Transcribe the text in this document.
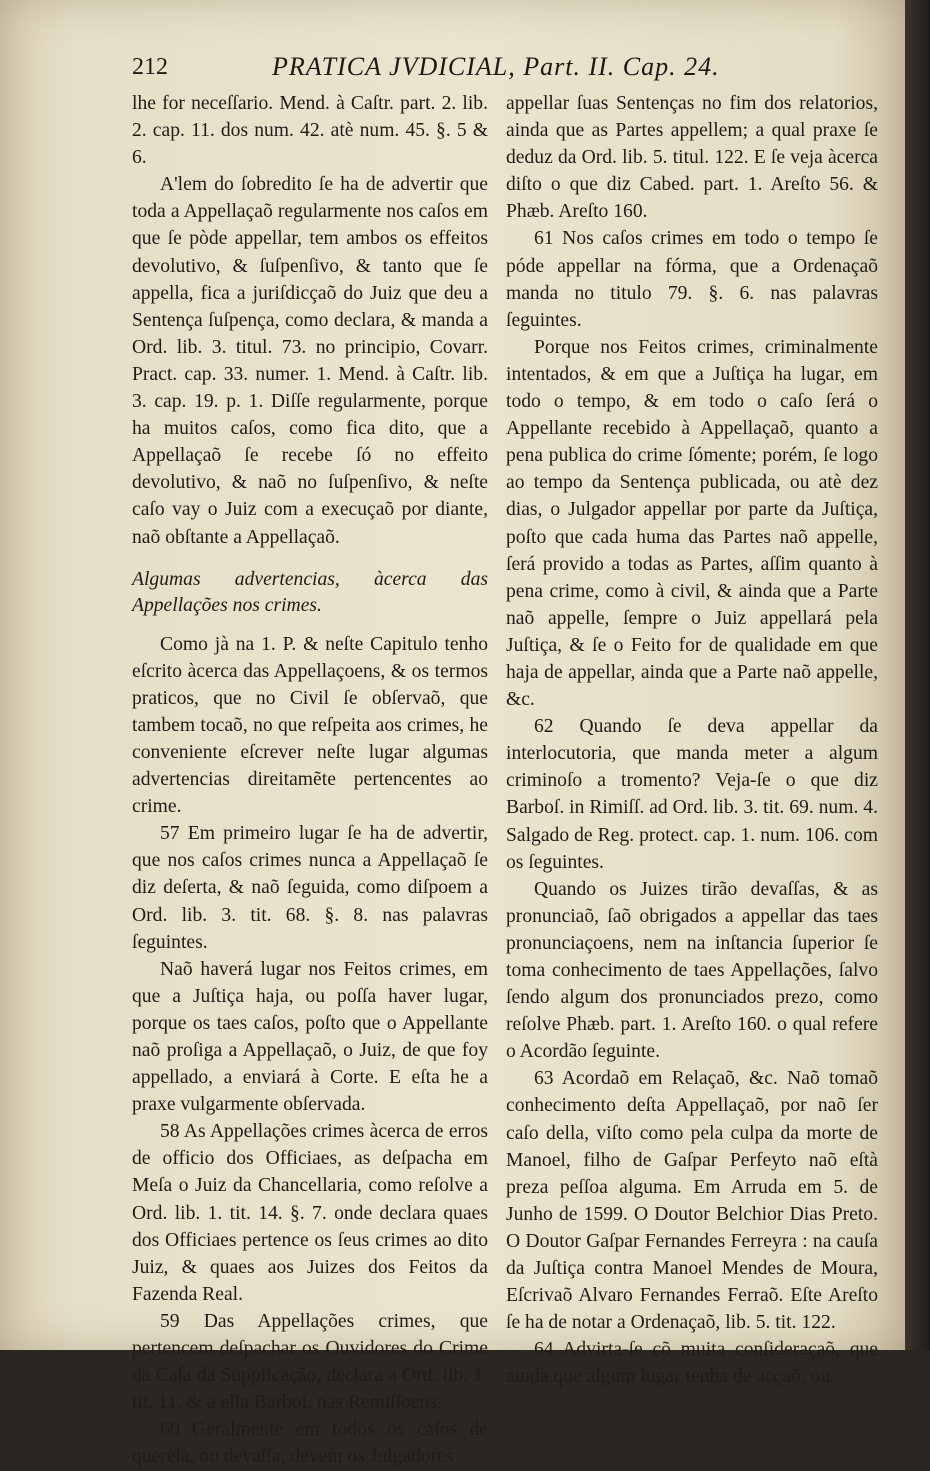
212	PRATICA JVDICIAL, Part. II. Cap. 24.

lhe for neceſſario. Mend. à Caſtr. part. 2. lib. 2. cap. 11. dos num. 42. atè num. 45. §. 5 & 6.

A'lem do ſobredito ſe ha de advertir que toda a Appellaçaõ regularmente nos caſos em que ſe pòde appellar, tem ambos os effeitos devolutivo, & ſuſpenſivo, & tanto que ſe appella, fica a juriſdicçaõ do Juiz que deu a Sentença ſuſpença, como declara, & manda a Ord. lib. 3. titul. 73. no principio, Covarr. Pract. cap. 33. numer. 1. Mend. à Caſtr. lib. 3. cap. 19. p. 1. Diſſe regularmente, porque ha muitos caſos, como fica dito, que a Appellaçaõ ſe recebe ſó no effeito devolutivo, & naõ no ſuſpenſivo, & neſte caſo vay o Juiz com a execuçaõ por diante, naõ obſtante a Appellaçaõ.

Algumas advertencias, àcerca das Appellações nos crimes.

Como jà na 1. P. & neſte Capitulo tenho eſcrito àcerca das Appellaçoens, & os termos praticos, que no Civil ſe obſervaõ, que tambem tocaõ, no que reſpeita aos crimes, he conveniente eſcrever neſte lugar algumas advertencias direitamẽte pertencentes ao crime.

57 Em primeiro lugar ſe ha de advertir, que nos caſos crimes nunca a Appellaçaõ ſe diz deſerta, & naõ ſeguida, como diſpoem a Ord. lib. 3. tit. 68. §. 8. nas palavras ſeguintes.

Naõ haverá lugar nos Feitos crimes, em que a Juſtiça haja, ou poſſa haver lugar, porque os taes caſos, poſto que o Appellante naõ proſiga a Appellaçaõ, o Juiz, de que foy appellado, a enviará à Corte. E eſta he a praxe vulgarmente obſervada.

58 As Appellações crimes àcerca de erros de officio dos Officiaes, as deſpacha em Meſa o Juiz da Chancellaria, como reſolve a Ord. lib. 1. tit. 14. §. 7. onde declara quaes dos Officiaes pertence os ſeus crimes ao dito Juiz, & quaes aos Juizes dos Feitos da Fazenda Real.

59 Das Appellações crimes, que pertencem deſpachar os Ouvidores do Crime da Caſa da Supplicação, declara a Ord. lib. 1. tit. 11. & a ella Barboſ. nas Remiſſoens.

60 Geralmente em todos os caſos de querela, ou devaſſa, devem os Julgadores

appellar ſuas Sentenças no fim dos relatorios, ainda que as Partes appellem; a qual praxe ſe deduz da Ord. lib. 5. titul. 122. E ſe veja àcerca diſto o que diz Cabed. part. 1. Areſto 56. & Phæb. Areſto 160.

61 Nos caſos crimes em todo o tempo ſe póde appellar na fórma, que a Ordenaçaõ manda no titulo 79. §. 6. nas palavras ſeguintes.

Porque nos Feitos crimes, criminalmente intentados, & em que a Juſtiça ha lugar, em todo o tempo, & em todo o caſo ſerá o Appellante recebido à Appellaçaõ, quanto a pena publica do crime ſómente; porém, ſe logo ao tempo da Sentença publicada, ou atè dez dias, o Julgador appellar por parte da Juſtiça, poſto que cada huma das Partes naõ appelle, ſerá provido a todas as Partes, aſſim quanto à pena crime, como à civil, & ainda que a Parte naõ appelle, ſempre o Juiz appellará pela Juſtiça, & ſe o Feito for de qualidade em que haja de appellar, ainda que a Parte naõ appelle, &c.

62 Quando ſe deva appellar da interlocutoria, que manda meter a algum criminoſo a tromento? Veja-ſe o que diz Barboſ. in Rimiſſ. ad Ord. lib. 3. tit. 69. num. 4. Salgado de Reg. protect. cap. 1. num. 106. com os ſeguintes.

Quando os Juizes tirão devaſſas, & as pronunciaõ, ſaõ obrigados a appellar das taes pronunciaçoens, nem na inſtancia ſuperior ſe toma conhecimento de taes Appellações, ſalvo ſendo algum dos pronunciados prezo, como reſolve Phæb. part. 1. Areſto 160. o qual refere o Acordão ſeguinte.

63 Acordaõ em Relaçaõ, &c. Naõ tomaõ conhecimento deſta Appellaçaõ, por naõ ſer caſo della, viſto como pela culpa da morte de Manoel, filho de Gaſpar Perfeyto naõ eſtà preza peſſoa alguma. Em Arruda em 5. de Junho de 1599. O Doutor Belchior Dias Preto. O Doutor Gaſpar Fernandes Ferreyra : na cauſa da Juſtiça contra Manoel Mendes de Moura, Eſcrivaõ Alvaro Fernandes Ferraõ. Eſte Areſto ſe ha de notar a Ordenaçaõ, lib. 5. tit. 122.

64 Advirta-ſe cõ muita conſideraçaõ, que ainda que algum lugar tenha de acçaõ, ou
